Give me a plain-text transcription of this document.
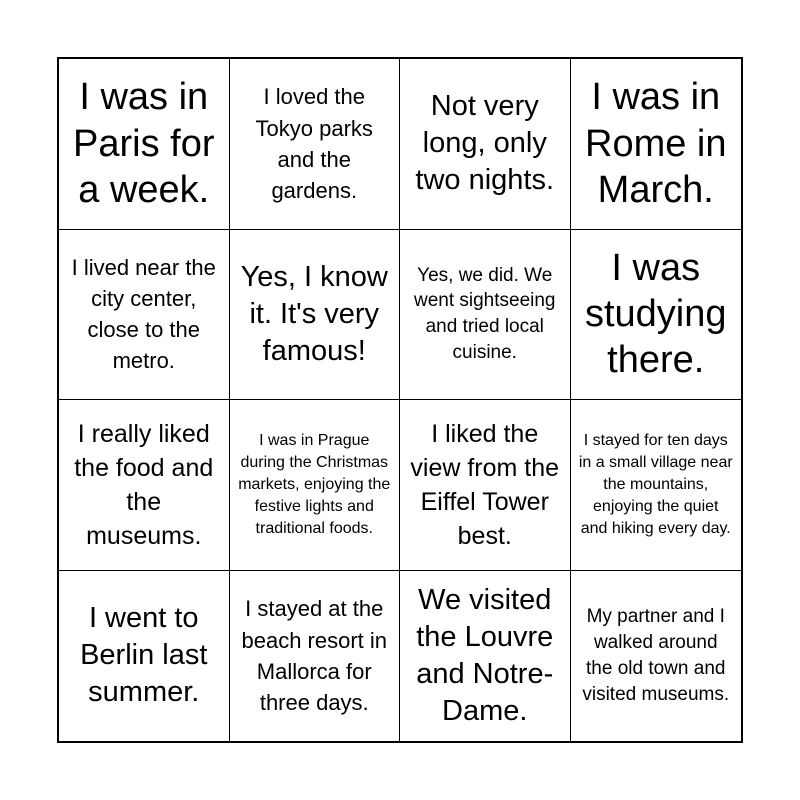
I was in Paris for a week.
I loved the Tokyo parks and the gardens.
Not very long, only two nights.
I was in Rome in March.
I lived near the city center, close to the metro.
Yes, I know it. It's very famous!
Yes, we did. We went sightseeing and tried local cuisine.
I was studying there.
I really liked the food and the museums.
I was in Prague during the Christmas markets, enjoying the festive lights and traditional foods.
I liked the view from the Eiffel Tower best.
I stayed for ten days in a small village near the mountains, enjoying the quiet and hiking every day.
I went to Berlin last summer.
I stayed at the beach resort in Mallorca for three days.
We visited the Louvre and Notre-Dame.
My partner and I walked around the old town and visited museums.
